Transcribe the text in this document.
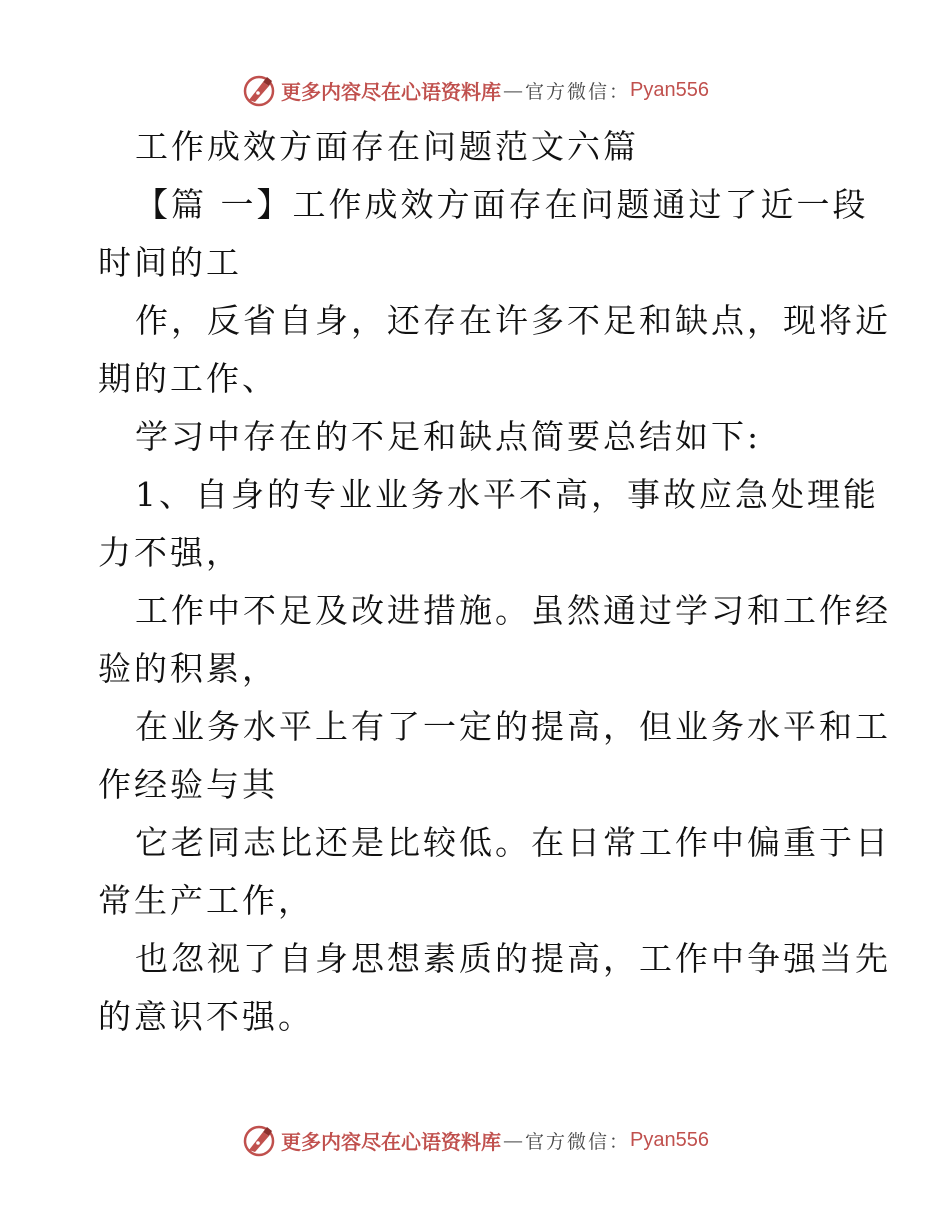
更多内容尽在心语资料库 — 官方微信： Pyan556
工作成效方面存在问题范文六篇
【篇 一】工作成效方面存在问题通过了近一段
时间的工
作，反省自身，还存在许多不足和缺点，现将近
期的工作、
学习中存在的不足和缺点简要总结如下:
1、自身的专业业务水平不高，事故应急处理能
力不强，
工作中不足及改进措施。虽然通过学习和工作经
验的积累，
在业务水平上有了一定的提高，但业务水平和工
作经验与其
它老同志比还是比较低。在日常工作中偏重于日
常生产工作，
也忽视了自身思想素质的提高，工作中争强当先
的意识不强。
更多内容尽在心语资料库 — 官方微信： Pyan556
